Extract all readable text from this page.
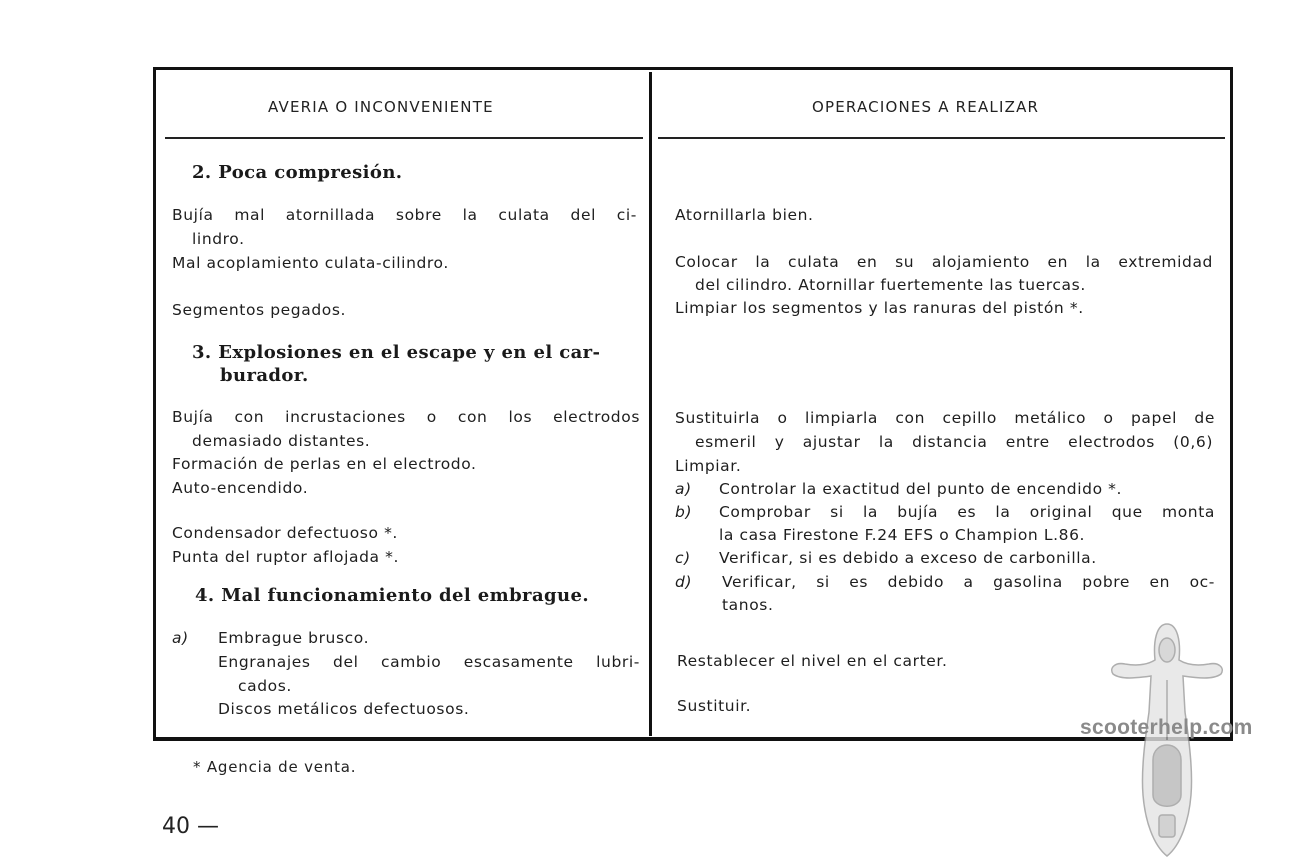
AVERIA O INCONVENIENTE	OPERACIONES A REALIZAR
2. Poca compresión.
Bujía mal atornillada sobre la culata del ci-
lindro.
Mal acoplamiento culata-cilindro.
Segmentos pegados.
Atornillarla bien.
Colocar la culata en su alojamiento en la extremidad
del cilindro. Atornillar fuertemente las tuercas.
Limpiar los segmentos y las ranuras del pistón *.
3. Explosiones en el escape y en el car-
burador.
Bujía con incrustaciones o con los electrodos
demasiado distantes.
Formación de perlas en el electrodo.
Auto-encendido.
Condensador defectuoso *.
Punta del ruptor aflojada *.
Sustituirla o limpiarla con cepillo metálico o papel de
esmeril y ajustar la distancia entre electrodos (0,6)
Limpiar.
a) Controlar la exactitud del punto de encendido *.
b) Comprobar si la bujía es la original que monta
la casa Firestone F.24 EFS o Champion L.86.
c) Verificar, si es debido a exceso de carbonilla.
d) Verificar, si es debido a gasolina pobre en oc-
tanos.
4. Mal funcionamiento del embrague.
a) Embrague brusco.
Engranajes del cambio escasamente lubri-
cados.
Discos metálicos defectuosos.
Restablecer el nivel en el carter.
Sustituir.
* Agencia de venta.
40 —
scooterhelp.com
